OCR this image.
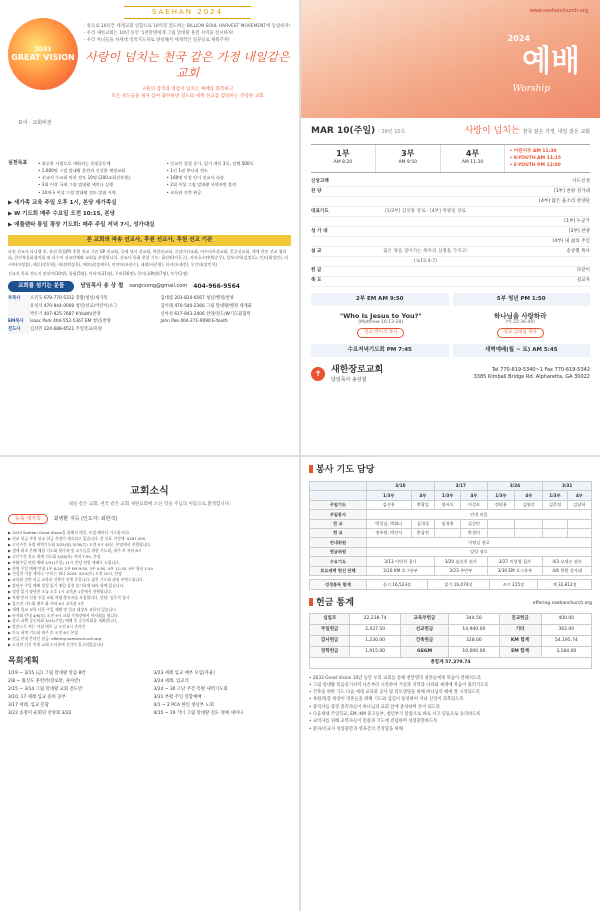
2033
GREAT VISION
표어 · 교회비전
SAEHAN 2024
· 앞으로 10년간 세계교회 연합으로 10억명 전도하는 BILLION SOUL HARVEST MOVEMENT에 동참하자!
· 우리 새한교회는 10년 동안 '1천만명에게 그림 말대왕 훈련 사역을 실시하자!
· 우리 자녀들을 차세대 영적지도자로 양성해서 세계적인 일꾼들로 세워주자!
사랑이 넘치는 천국 같은 가정 내일같은 교회
구원의 감격과 영감이 넘치는 예배를 회복하고
모든 성도들을 제자 삼아 출하하면 전도와 세계 선교를 감당하는 건강한 교회
실천목표	• 하루한 사랑으로 세워지는 목장공동체
• 1,000명 그림 말대왕 훈련과 건강한 제정교회
• 선교지 수교회 마산 전도 10명 (200교회선후원),
• 3회 이상 국제 그림 말대왕 세미나 실행
• 10개국 이상 그림 말대왕 전도 말씀 사역
• 인교인 성결 증가, 읽기 개인 3독, 전체 500독
• 1인 1권 봉사직 전도
• 160명 이상 단기 선교사 파송
• 2회 이상 그림 말대왕 사역자반 훈련
• 교육관 건축 완공
▶ 새가족 교육 주일 오후 1시, 본당 새가족실
▶ W 기도회 매주 수요일 오전 10:15, 본당
▶ 애틀랜타 통일 광장 기도회: 매주 주일 저녁 7시, 성가대실
본 교회의 파송 선교사, 후원 선교사, 후원 선교 기관
파송 선교사 다니엘 홍, 홍리 원철(P) 후원 선교 기관 GP 선교회, 국제 성서 선교회, 북한선교회, 중남미선교회, 아프리카선교회, 몽골선교회, 세계 한인 선교 협의회, 한인복음화협의회 외 다수의 선교단체와 교회를 후원합니다. 선교사 목회 현장 기도: 필리핀(이동근), 카자흐스탄(박준우), 캄보디아(김정호), 인도(최성민), 러시아(이정훈), 페루(강동원), 케냐(박상욱), 베트남(정재우), 미얀마(조한수), 네팔(서준영), 터키(오세진), 우간다(장민석)
선교지 목표 전도지 말리아(10명), 튤립(5명), 아더마(11명), 우바(16명), 한미니(8명)(7명), 토쿠(1명)
교회를 섬기는 분들	담임목사 송 상 철 sangcsong@gmail.com 404-966-9564
부목사	오건욱 678-770-5332 총괄/청년/새가족	김대섭 203-824-6567 청년/행정/찬양
유성식 470-944-0000 청년/선교/어린이/소그	김이래 470-540-2366 그림 말대왕/행정 세계화
박은기 407-925-7687 K-Youth/찬양	신아성 617-943-2406 찬양/전도/W기도회협력
EM목사	Isaac Park 404-552-5367 EM 청년/찬양	John Pae 404-271-9090 E-Youth
전도사	김선민 224-688-6521 주일학교/유양
www.saehanchurch.org
2024
예배
Worship
MAR 10(주일) · 28번 10호	사랑이 넘치는 천국 같은 가정, 내일 같은 교회
1부
AM 8:20
3부
AM 9:50
4부
AM 11:30
• 어린이부 AM 11:30
• K-YOUTH AM 11:15
• E-YOUTH PM 12:00
신앙고백	사도신경
찬 양	[1부] 찬양 성가대
[4부] 많은 울소리 찬양단
대표기도	[1/3부] 김선홍 장로 · [4부] 박광일 장로
[1부] 누군가
성 가 대	[3부] 찬양
[4부] 내 삶의 주인
설 교	잃은 양을 찾아가는 목자의 심정을 가지고!	송상철 목사
(눅15:4-7)
헌 금	다같이
축 도	설교자
2부 EM AM 9:50	5부 청년 PM 1:50
"Who Is Jesus to You?"
(Matthew 16:13-28)
설교 박이삭 목사
하나님을 사랑하라
(마 22:36-40)
설교 김대섭 목사
수요저녁기도회 PM 7:45	새벽예배(월 ~ 토) AM 5:45
✝	새한장로교회
담임목사 송상철
Tel 770-619-5340~1 Fax 770-619-5342
3385 Kimball Bridge Rd. Alpharetta, GA 30022
교회소식
내일 같은 교회, 천국 같은 교회 새한교회에 오신 것을 주님의 이름으로 환영합니다.
등록 새가족	최병환 지득 (인도자: 최반석)
▶ 2033 SaeHan Great Vision을 위해서 매일, 모임 때마다 기도합시다!
▶ 선교 헌금 작정 선교 헌금 작정이 계속되고 있습니다. 총 목표 작정액: $287,400.
▶ 고난주간 특별 새벽기도회 3/25(월)-3/30(토) 오전 5시 45분, 본당에서 진행됩니다.
▶ 생애 최초 은혜 체험 기도회 새가족 및 교우들을 위한 기도회, 매주 목 저녁 8시
▶ 고난주간 목요 세계 기도회 3/28(목) 저녁 7:30, 본당
▶ 부활주일 연합 예배 3/31(주일) 11시 본당 연합 예배로 드립니다.
▶ 한영 주일 예배 안내 1부 8:20, 2부 EM 9:50, 3부 9:50, 4부 11:30, 5부 청년 1:50
▶ 건강한 가정 세미나 '우리는 하나 2024' 3/23(토) 오전 10시, 본당
▶ 교육관 건축 헌금 교육관 건축이 진행 중입니다. 많은 기도와 관심 부탁드립니다.
▶ 장년부 주일 예배 성경 읽기 매일 성경 읽기표에 따라 함께 읽습니다.
▶ 성경 읽기 장년반 오늘 오후 1시 교육관 1층에서 진행됩니다.
▶ 차량 봉사 신청 주일 교회 차량 봉사자를 모집합니다. 담당: 김은석 집사
▶ 울프전 기도회 매주 화 저녁 8시 교육관 2층
▶ 세례 입교 교육 다음 주일 세례 및 입교 대상자 교육이 있습니다.
▶ 바자회 안내 4/6(토) 오전 9시 교회 주차장에서 바자회를 엽니다.
▶ 장로 피택 공동의회 3/24(주일) 예배 후 공동의회를 개최합니다.
▶ 말씀으로 여는 아침 매주 금 오전 6시 온라인
▶ 토요 새벽 기도회 매주 토 오전 6시 본당
▶ 헌금 안내 온라인 헌금: offering.saehanchurch.org
▶ 도서관 신간 안내 교회 도서관에 신간이 입고되었습니다.
목회계획
1/19 ~ 3/15 (금) 그림 말대왕 앙큼 8반	3/23 세례 입교 예부 모임(자율)
2/8 ~ 월신도 훈련반(장로반, 권사반)	3/24 세례, 입교식
2/15 ~ 3/14 그림 말대왕 교회 전도반	3/24 ~ 30 고난 주간 특별 새벽기도회
3/10, 17 세례 입교 준비 공부	3/31 부활 주일 연합예배
3/17 세례, 입교 문답	4/1 ~ 2 PCA 한인 청년부 노회
3/22 송정미 순회된 찬양회 3/22	4/15 ~ 19 거너 그림 말대왕 전도 정예 세미나
봉사 기도 담당
	3/10		3/17		3/24		3/31	
	1/3부	4부	1/3부	4부	1/3부	4부	1/3부	4부
주일기도	김선홍	박광일	양서도	이성호	정원용	김영순	김준섭	김남학
주일봉사	안내 마을							
찬 교	박성남, 박휘나	김내성	임청현	김성민				
헌 교	정주원, 박진서	한삼현		박성미				
안내위원	이영실 장로							
헌금위원	담당 장로							
수요기도	3/13 이민희 집사		3/20 심숙희 권사		3/27 이성영 집사		4/3 오세순 권사	
토요새벽 헌신 단체	3/16 KM 호그통부		3/23 주민부		3/30 EM 호그통부		4/6 봉원 성가대	
성경통독 합계	듣기 16,523장	읽기 16,074장	쓰기 215장	계 32,812장
헌금 통계	offering.saehanchurch.org
십일조	22,238.74	교육부헌금	344.50	진교헌금	400.00
주일헌금	2,437.50	선교헌금	14,940.00	기타	362.00
감사헌금	1,230.00	건축헌금	328.00	KM 합계	54,195.74
장학헌금	1,915.00	GSGM	10,000.00	EM 합계	3,184.00
총합계 57,379.74					
• 2033 Great Vision 10년 동안 우리 교회를 통해 천만명의 영혼들에게 복음이 전해지도록
• 그림 말대왕 복음증거사역 나온부터 시작하여 거실과 지역과 나라와 세계에 복음이 흘러가도록
• 건축을 위한 기도 다음 세대 교육관 공사 및 리모델링을 위해 하나님의 때에 잘 시작되도록
• 목원/목장 목장이 영혼들을 위해 기도와 섬김이 풍성하여 자녀 신앙이 회복되도록
• 중직자를 중장 중직자들이 하나님과 교회 앞에 충성하며 본이 되도록
• 다음세대 주일학교, EM, KM 중고등부, 청년부가 말씀으로 바로 서고 믿음으로 승리하도록
• 교역자를 위해 교역자들이 말씀과 기도에 전념하며 성령충만하도록
• 환자/선교사 성령충만과 영육간의 건강함을 위해
